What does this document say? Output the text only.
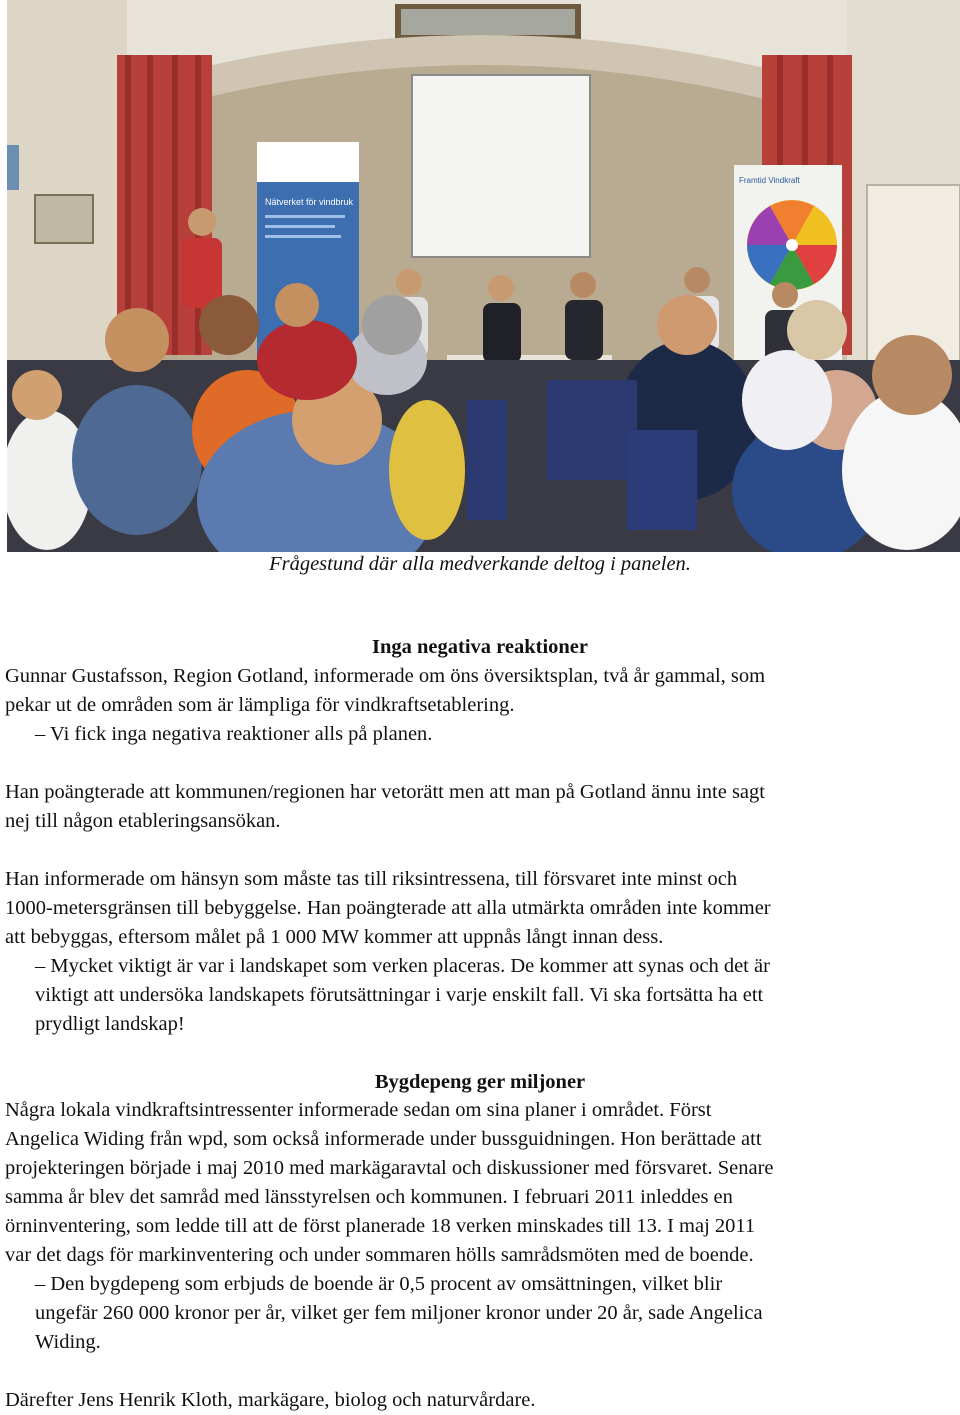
Nätverket för vindbruk
Framtid Vindkraft
Frågestund där alla medverkande deltog i panelen.
Inga negativa reaktioner
Gunnar Gustafsson, Region Gotland, informerade om öns översiktsplan, två år gammal, som
pekar ut de områden som är lämpliga för vindkraftsetablering.
– Vi fick inga negativa reaktioner alls på planen.
Han poängterade att kommunen/regionen har vetorätt men att man på Gotland ännu inte sagt
nej till någon etableringsansökan.
Han informerade om hänsyn som måste tas till riksintressena, till försvaret inte minst och
1000-metersgränsen till bebyggelse. Han poängterade att alla utmärkta områden inte kommer
att bebyggas, eftersom målet på 1 000 MW kommer att uppnås långt innan dess.
– Mycket viktigt är var i landskapet som verken placeras. De kommer att synas och det är
viktigt att undersöka landskapets förutsättningar i varje enskilt fall. Vi ska fortsätta ha ett
prydligt landskap!
Bygdepeng ger miljoner
Några lokala vindkraftsintressenter informerade sedan om sina planer i området. Först
Angelica Widing från wpd, som också informerade under bussguidningen. Hon berättade att
projekteringen började i maj 2010 med markägaravtal och diskussioner med försvaret. Senare
samma år blev det samråd med länsstyrelsen och kommunen. I februari 2011 inleddes en
örninventering, som ledde till att de först planerade 18 verken minskades till 13. I maj 2011
var det dags för markinventering och under sommaren hölls samrådsmöten med de boende.
– Den bygdepeng som erbjuds de boende är 0,5 procent av omsättningen, vilket blir
ungefär 260 000 kronor per år, vilket ger fem miljoner kronor under 20 år, sade Angelica
Widing.
Därefter Jens Henrik Kloth, markägare, biolog och naturvårdare.
